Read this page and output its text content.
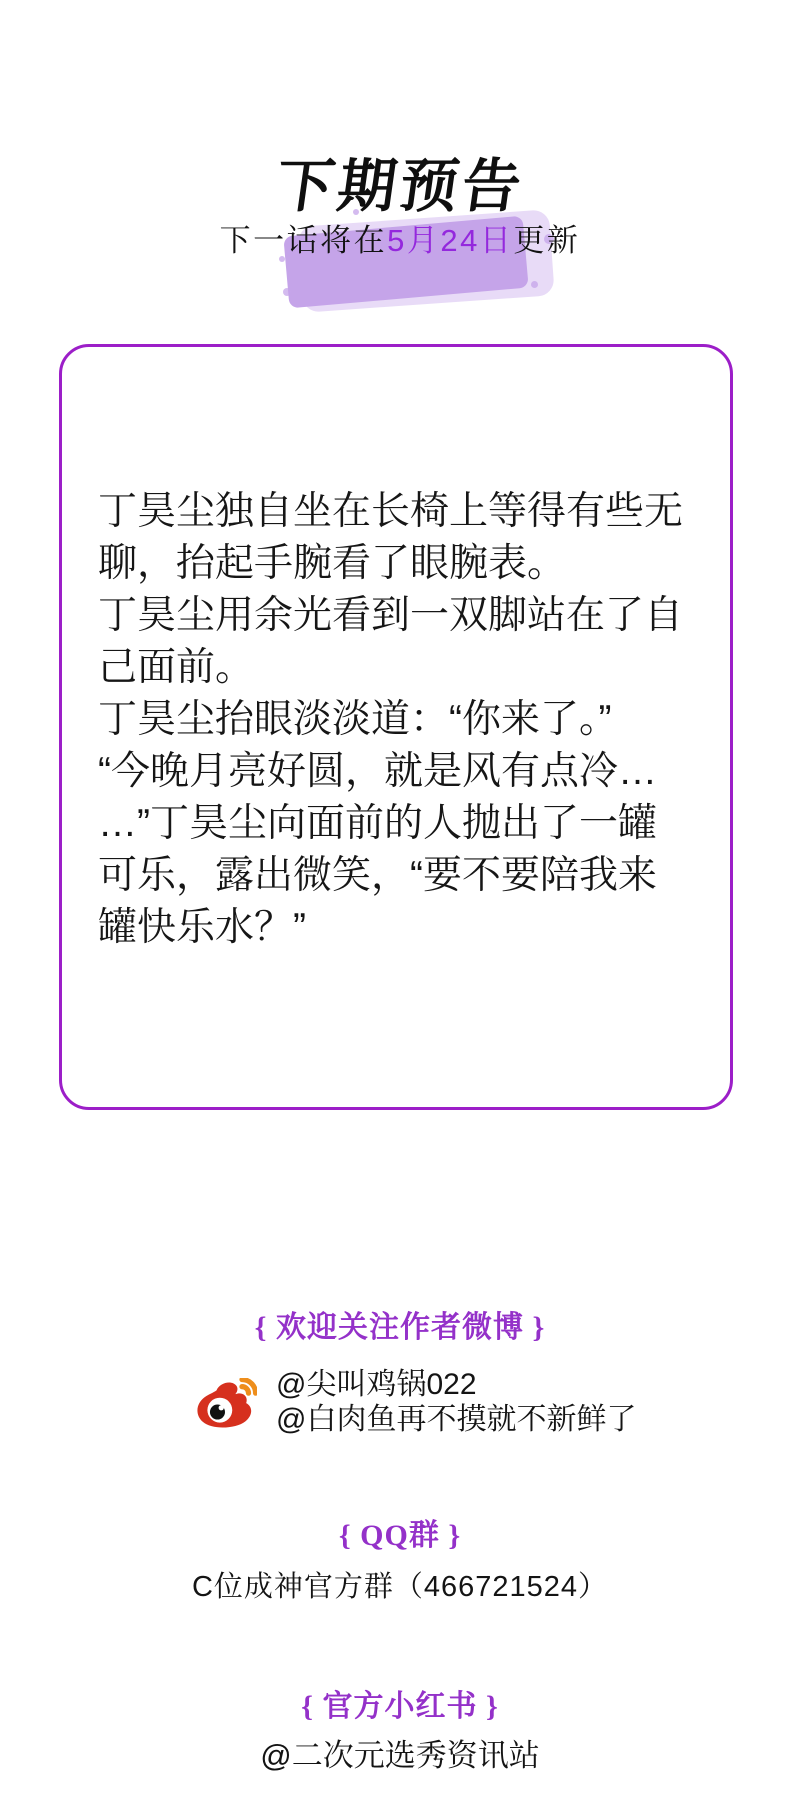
下期预告
下一话将在5月24日更新
丁昊尘独自坐在长椅上等得有些无
聊，抬起手腕看了眼腕表。
丁昊尘用余光看到一双脚站在了自
己面前。
丁昊尘抬眼淡淡道：“你来了。”
“今晚月亮好圆，就是风有点冷…
…”丁昊尘向面前的人抛出了一罐
可乐，露出微笑，“要不要陪我来
罐快乐水？”
{ 欢迎关注作者微博 }
@尖叫鸡锅022
@白肉鱼再不摸就不新鲜了
{ QQ群 }
C位成神官方群（466721524）
{ 官方小红书 }
@二次元选秀资讯站
